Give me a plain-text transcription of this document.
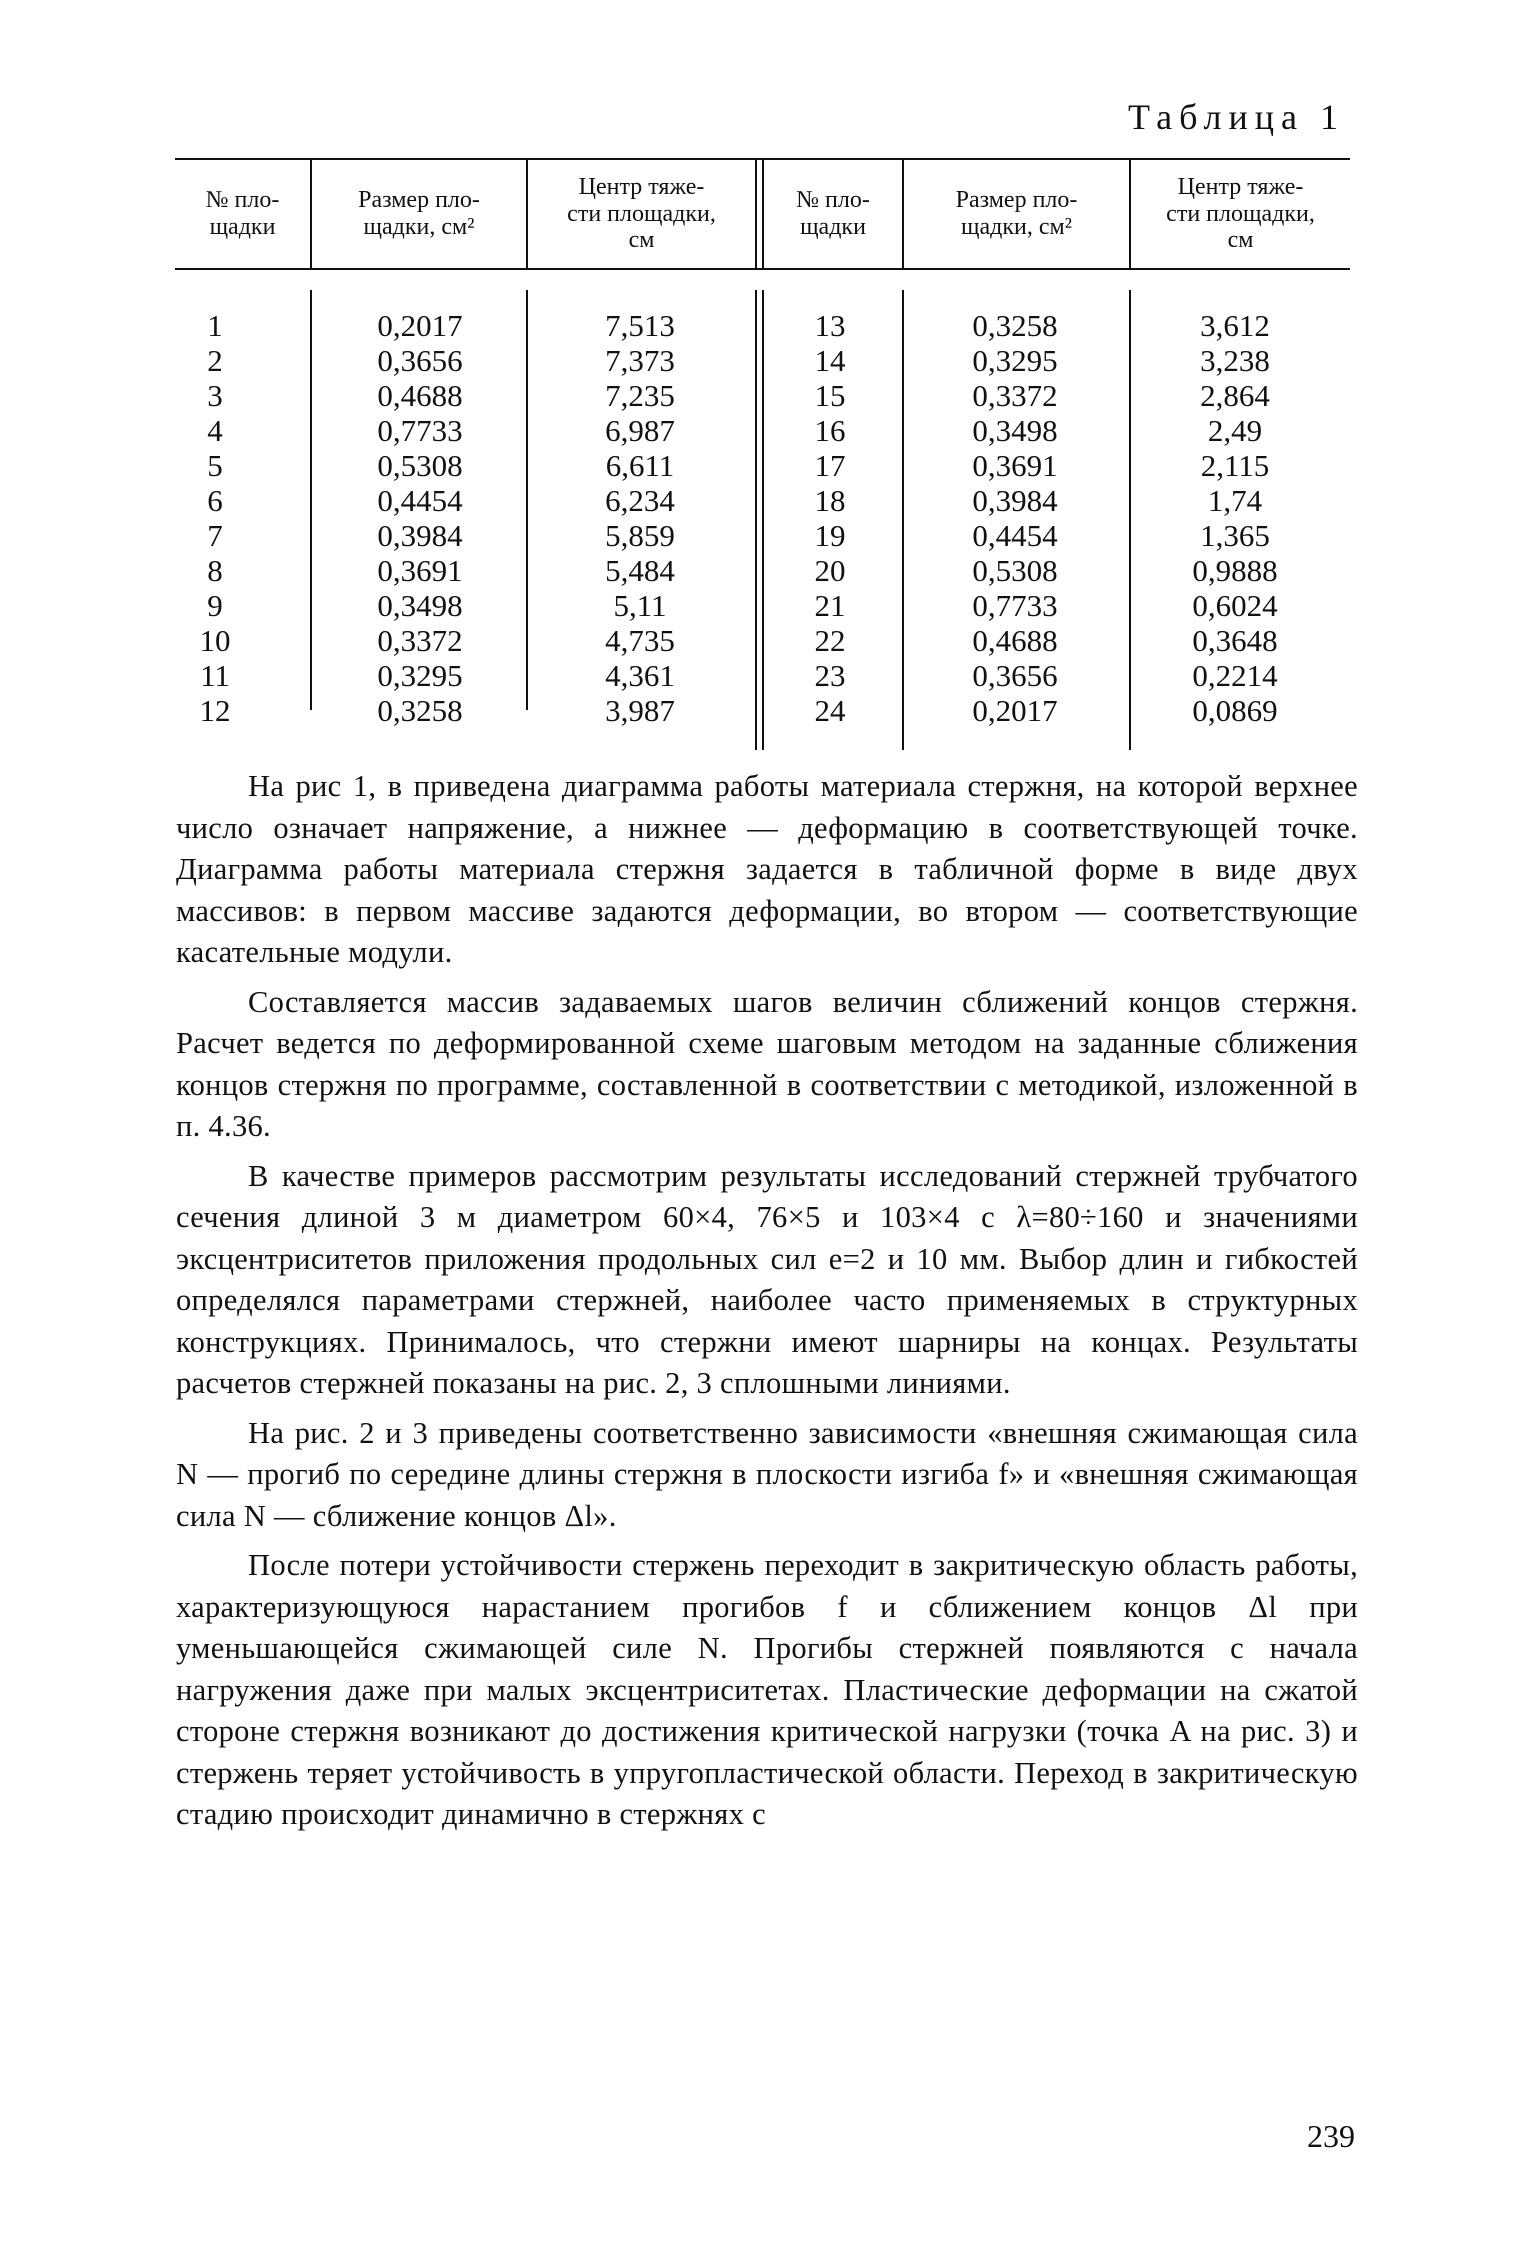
Таблица 1
№ пло-
щадки
Размер пло-
щадки, см²
Центр тяже-
сти площадки,
см
№ пло-
щадки
Размер пло-
щадки, см²
Центр тяже-
сти площадки,
см
1
2
3
4
5
6
7
8
9
10
11
12
0,2017
0,3656
0,4688
0,7733
0,5308
0,4454
0,3984
0,3691
0,3498
0,3372
0,3295
0,3258
7,513
7,373
7,235
6,987
6,611
6,234
5,859
5,484
5,11
4,735
4,361
3,987
13
14
15
16
17
18
19
20
21
22
23
24
0,3258
0,3295
0,3372
0,3498
0,3691
0,3984
0,4454
0,5308
0,7733
0,4688
0,3656
0,2017
3,612
3,238
2,864
2,49
2,115
1,74
1,365
0,9888
0,6024
0,3648
0,2214
0,0869

На рис 1, в приведена диаграмма работы материала стержня, на которой верхнее число означает напряжение, а нижнее — деформацию в соответствующей точке. Диаграмма работы материала стержня задается в табличной форме в виде двух массивов: в первом массиве задаются деформации, во втором — соответствующие касательные модули.

Составляется массив задаваемых шагов величин сближений концов стержня. Расчет ведется по деформированной схеме шаговым методом на заданные сближения концов стержня по программе, составленной в соответствии с методикой, изложенной в п. 4.36.

В качестве примеров рассмотрим результаты исследований стержней трубчатого сечения длиной 3 м диаметром 60×4, 76×5 и 103×4 с λ=80÷160 и значениями эксцентриситетов приложения продольных сил e=2 и 10 мм. Выбор длин и гибкостей определялся параметрами стержней, наиболее часто применяемых в структурных конструкциях. Принималось, что стержни имеют шарниры на концах. Результаты расчетов стержней показаны на рис. 2, 3 сплошными линиями.

На рис. 2 и 3 приведены соответственно зависимости «внешняя сжимающая сила N — прогиб по середине длины стержня в плоскости изгиба f» и «внешняя сжимающая сила N — сближение концов Δl».

После потери устойчивости стержень переходит в закритическую область работы, характеризующуюся нарастанием прогибов f и сближением концов Δl при уменьшающейся сжимающей силе N. Прогибы стержней появляются с начала нагружения даже при малых эксцентриситетах. Пластические деформации на сжатой стороне стержня возникают до достижения критической нагрузки (точка A на рис. 3) и стержень теряет устойчивость в упругопластической области. Переход в закритическую стадию происходит динамично в стержнях с

239
